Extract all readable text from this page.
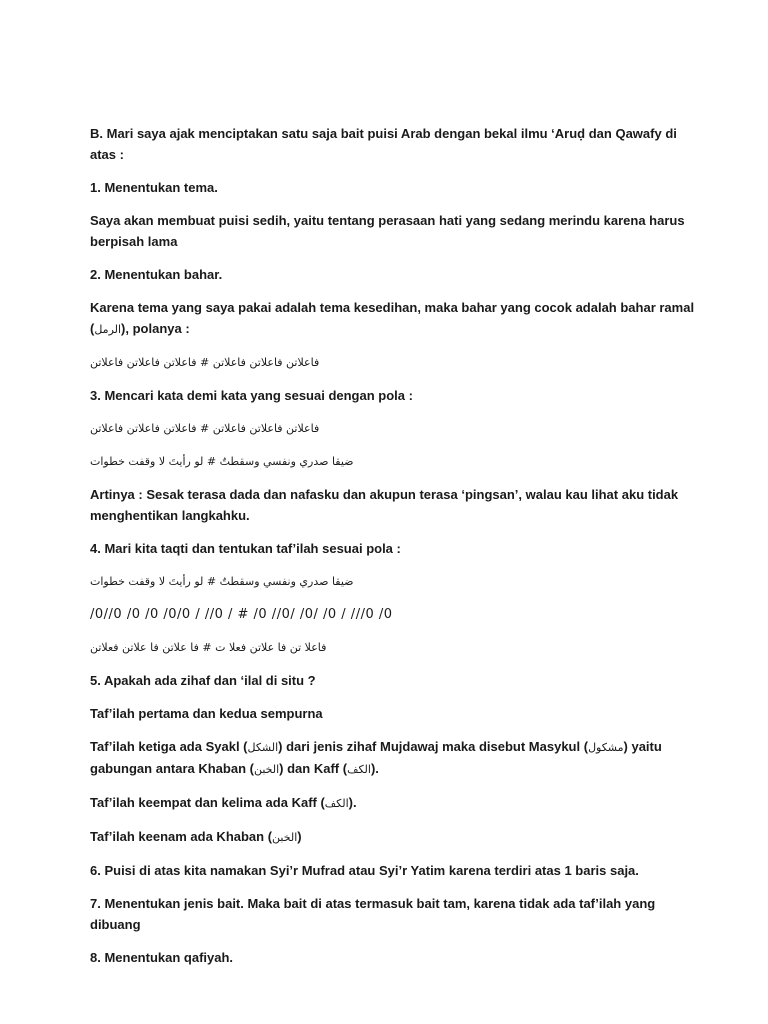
B. Mari saya ajak menciptakan satu saja bait puisi Arab dengan bekal ilmu ‘Aruḍ dan Qawafy di atas :

1. Menentukan tema.

Saya akan membuat puisi sedih, yaitu tentang perasaan hati yang sedang merindu karena harus berpisah lama

2. Menentukan bahar.

Karena tema yang saya pakai adalah tema kesedihan, maka bahar yang cocok adalah bahar ramal (الرمل), polanya :

فاعلاتن فاعلاتن فاعلاتن # فاعلاتن فاعلاتن فاعلاتن

3. Mencari kata demi kata yang sesuai dengan pola :

فاعلاتن فاعلاتن فاعلاتن # فاعلاتن فاعلاتن فاعلاتن

ضيقا صدري ونفسي وسقطتٌ # لو رأيتَ لا وقفت خطوات

Artinya : Sesak terasa dada dan nafasku dan akupun terasa ‘pingsan’, walau kau lihat aku tidak menghentikan langkahku.

4. Mari kita taqti dan tentukan taf’ilah sesuai pola :

ضيقا صدري ونفسي وسقطتٌ # لو رأيتَ لا وقفت خطوات

/0//0 /0 /0 /0/0 / //0 / # /0 //0/ /0/ /0 / ///0 /0

فاعلا تن فا علاتن فعلا ت # فا علاتن فا علاتن فعلاتن

5. Apakah ada zihaf dan ‘ilal di situ ?

Taf’ilah pertama dan kedua sempurna

Taf’ilah ketiga ada Syakl (الشكل) dari jenis zihaf Mujdawaj maka disebut Masykul (مشكول) yaitu gabungan antara Khaban (الخبن) dan Kaff (الكف).

Taf’ilah keempat dan kelima ada Kaff (الكف).

Taf’ilah keenam ada Khaban (الخبن)

6. Puisi di atas kita namakan Syi’r Mufrad atau Syi’r Yatim karena terdiri atas 1 baris saja.

7. Menentukan jenis bait. Maka bait di atas termasuk bait tam, karena tidak ada taf’ilah yang dibuang

8. Menentukan qafiyah.
